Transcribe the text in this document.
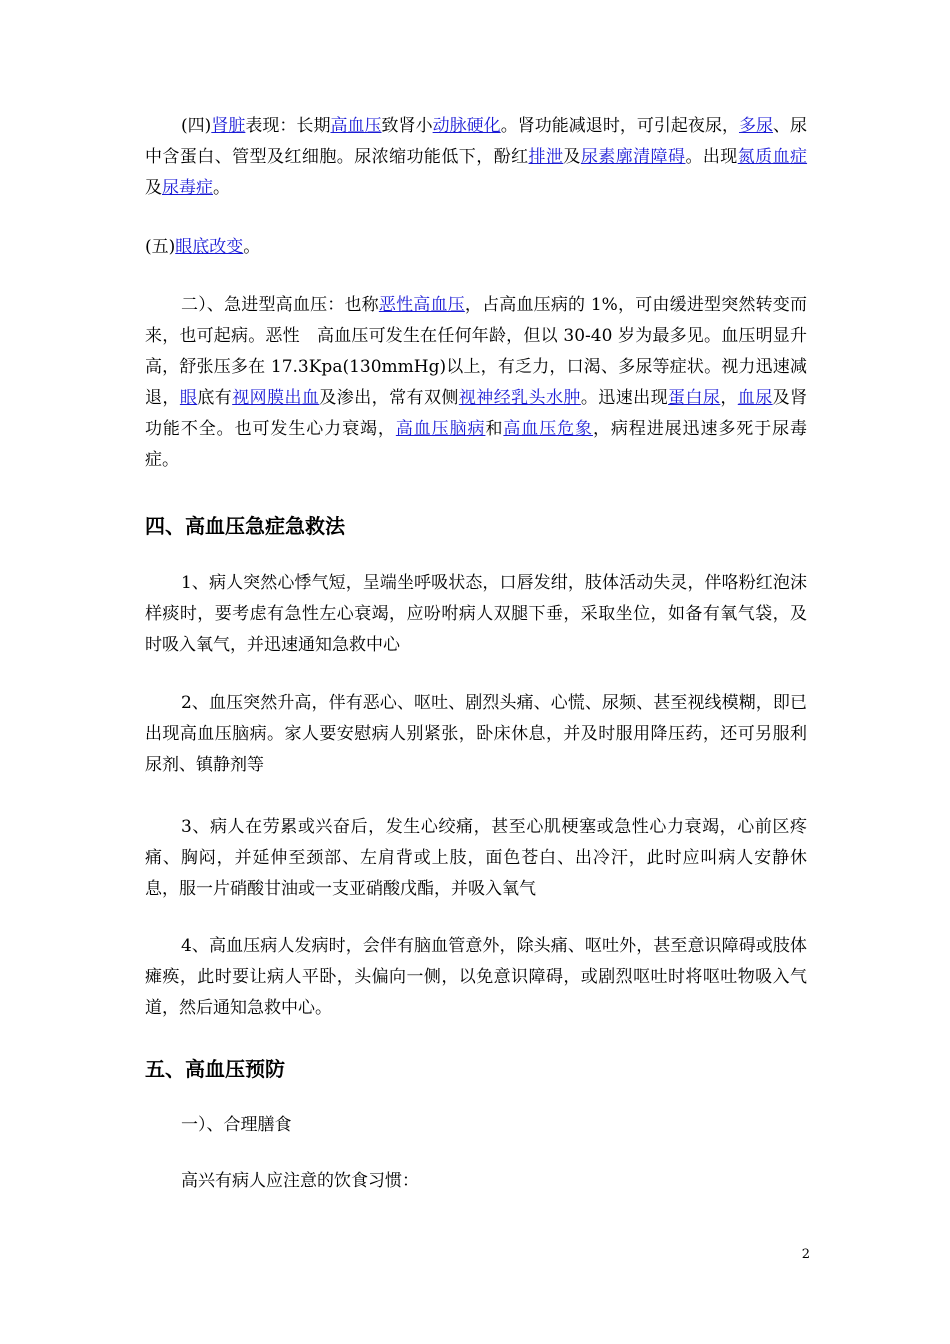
(四)肾脏表现：长期高血压致肾小动脉硬化。肾功能减退时，可引起夜尿，多尿、尿中含蛋白、管型及红细胞。尿浓缩功能低下，酚红排泄及尿素廓清障碍。出现氮质血症及尿毒症。

(五)眼底改变。

二）、急进型高血压：也称恶性高血压，占高血压病的 1%，可由缓进型突然转变而来，也可起病。恶性　高血压可发生在任何年龄，但以 30-40 岁为最多见。血压明显升高，舒张压多在 17.3Kpa(130mmHg)以上，有乏力，口渴、多尿等症状。视力迅速减退，眼底有视网膜出血及渗出，常有双侧视神经乳头水肿。迅速出现蛋白尿，血尿及肾功能不全。也可发生心力衰竭，高血压脑病和高血压危象，病程进展迅速多死于尿毒症。

四、高血压急症急救法

1、病人突然心悸气短，呈端坐呼吸状态，口唇发绀，肢体活动失灵，伴咯粉红泡沫样痰时，要考虑有急性左心衰竭，应吩咐病人双腿下垂，采取坐位，如备有氧气袋，及时吸入氧气，并迅速通知急救中心

2、血压突然升高，伴有恶心、呕吐、剧烈头痛、心慌、尿频、甚至视线模糊，即已出现高血压脑病。家人要安慰病人别紧张，卧床休息，并及时服用降压药，还可另服利尿剂、镇静剂等

3、病人在劳累或兴奋后，发生心绞痛，甚至心肌梗塞或急性心力衰竭，心前区疼痛、胸闷，并延伸至颈部、左肩背或上肢，面色苍白、出冷汗，此时应叫病人安静休息，服一片硝酸甘油或一支亚硝酸戊酯，并吸入氧气

4、高血压病人发病时，会伴有脑血管意外，除头痛、呕吐外，甚至意识障碍或肢体瘫痪，此时要让病人平卧，头偏向一侧，以免意识障碍，或剧烈呕吐时将呕吐物吸入气道，然后通知急救中心。

五、高血压预防

一）、合理膳食

高兴有病人应注意的饮食习惯：

2
